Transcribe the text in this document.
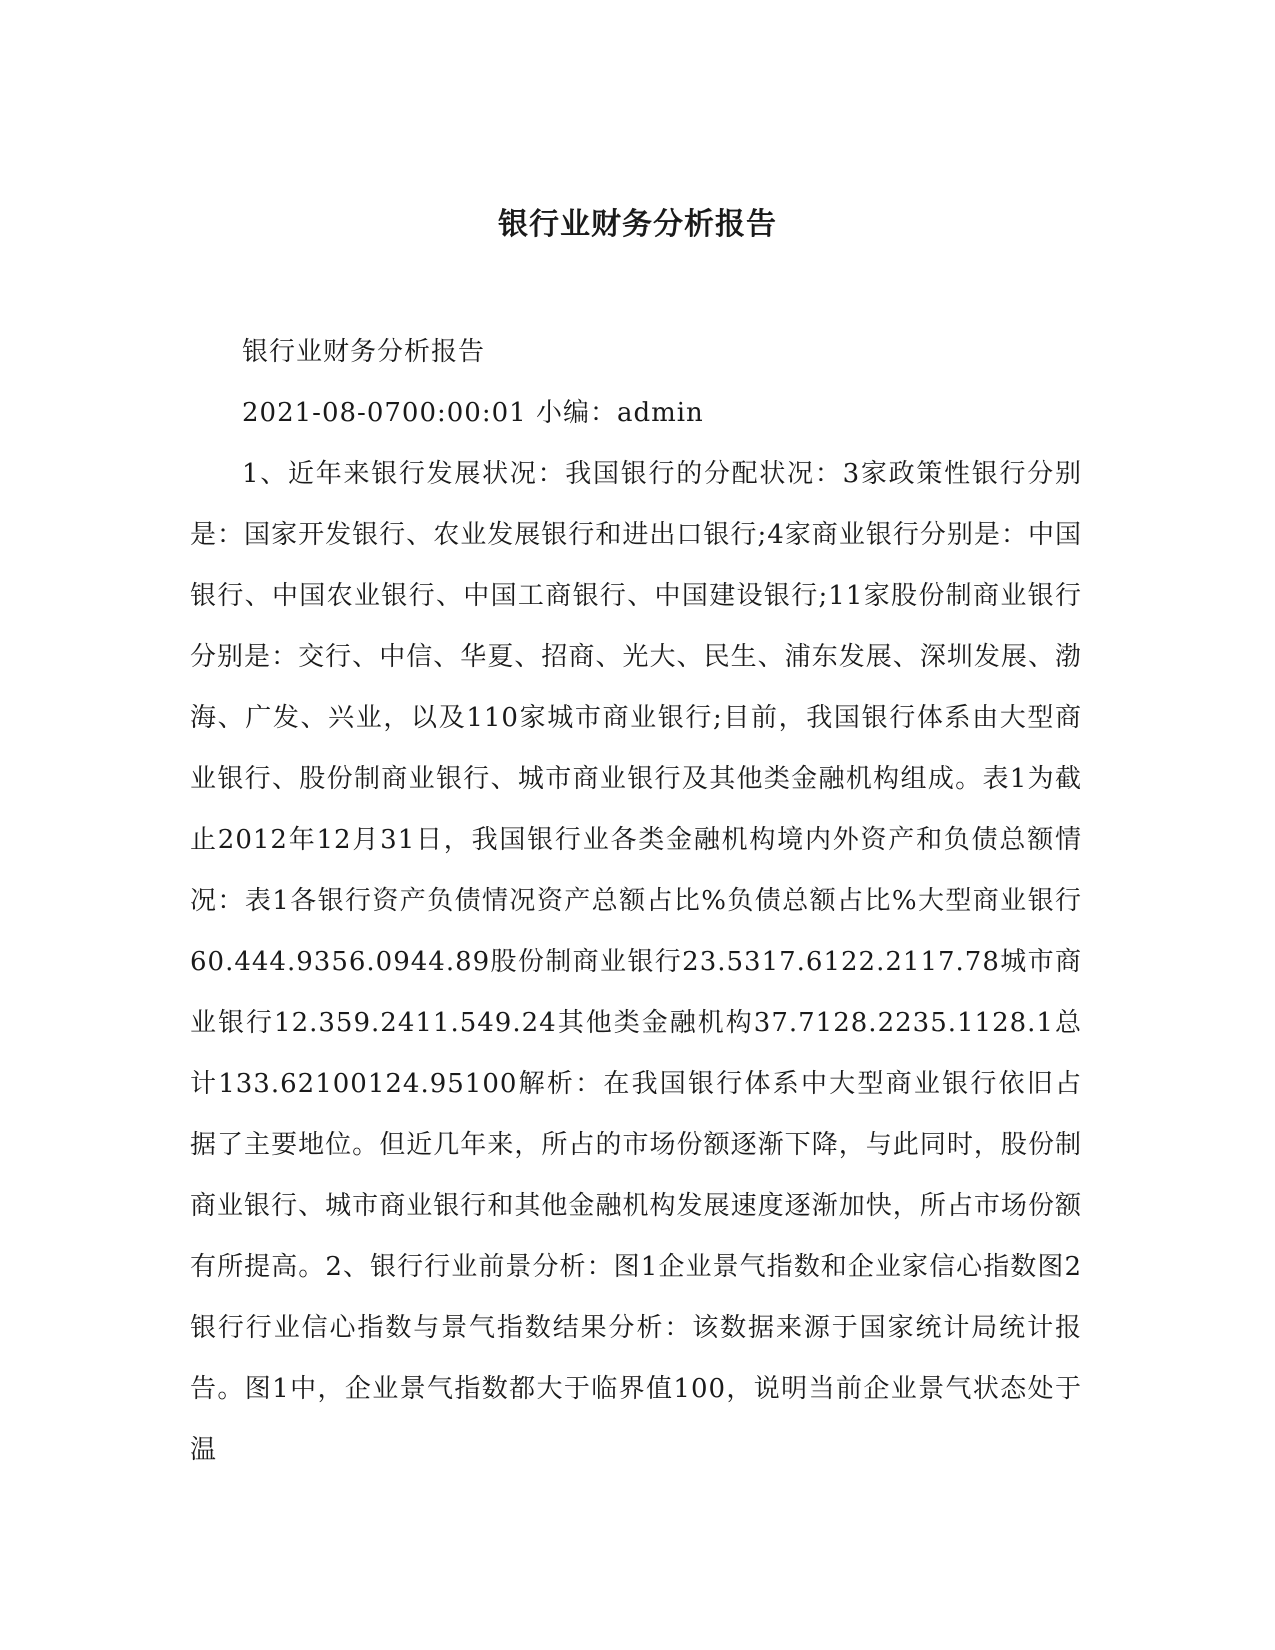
银行业财务分析报告

银行业财务分析报告

2021-08-0700:00:01 小编：admin

1、近年来银行发展状况：我国银行的分配状况：3家政策性银行分别是：国家开发银行、农业发展银行和进出口银行;4家商业银行分别是：中国银行、中国农业银行、中国工商银行、中国建设银行;11家股份制商业银行分别是：交行、中信、华夏、招商、光大、民生、浦东发展、深圳发展、渤海、广发、兴业，以及110家城市商业银行;目前，我国银行体系由大型商业银行、股份制商业银行、城市商业银行及其他类金融机构组成。表1为截止2012年12月31日，我国银行业各类金融机构境内外资产和负债总额情况：表1各银行资产负债情况资产总额占比%负债总额占比%大型商业银行60.444.9356.0944.89股份制商业银行23.5317.6122.2117.78城市商业银行12.359.2411.549.24其他类金融机构37.7128.2235.1128.1总计133.62100124.95100解析：在我国银行体系中大型商业银行依旧占据了主要地位。但近几年来，所占的市场份额逐渐下降，与此同时，股份制商业银行、城市商业银行和其他金融机构发展速度逐渐加快，所占市场份额有所提高。2、银行行业前景分析：图1企业景气指数和企业家信心指数图2银行行业信心指数与景气指数结果分析：该数据来源于国家统计局统计报告。图1中，企业景气指数都大于临界值100，说明当前企业景气状态处于温
